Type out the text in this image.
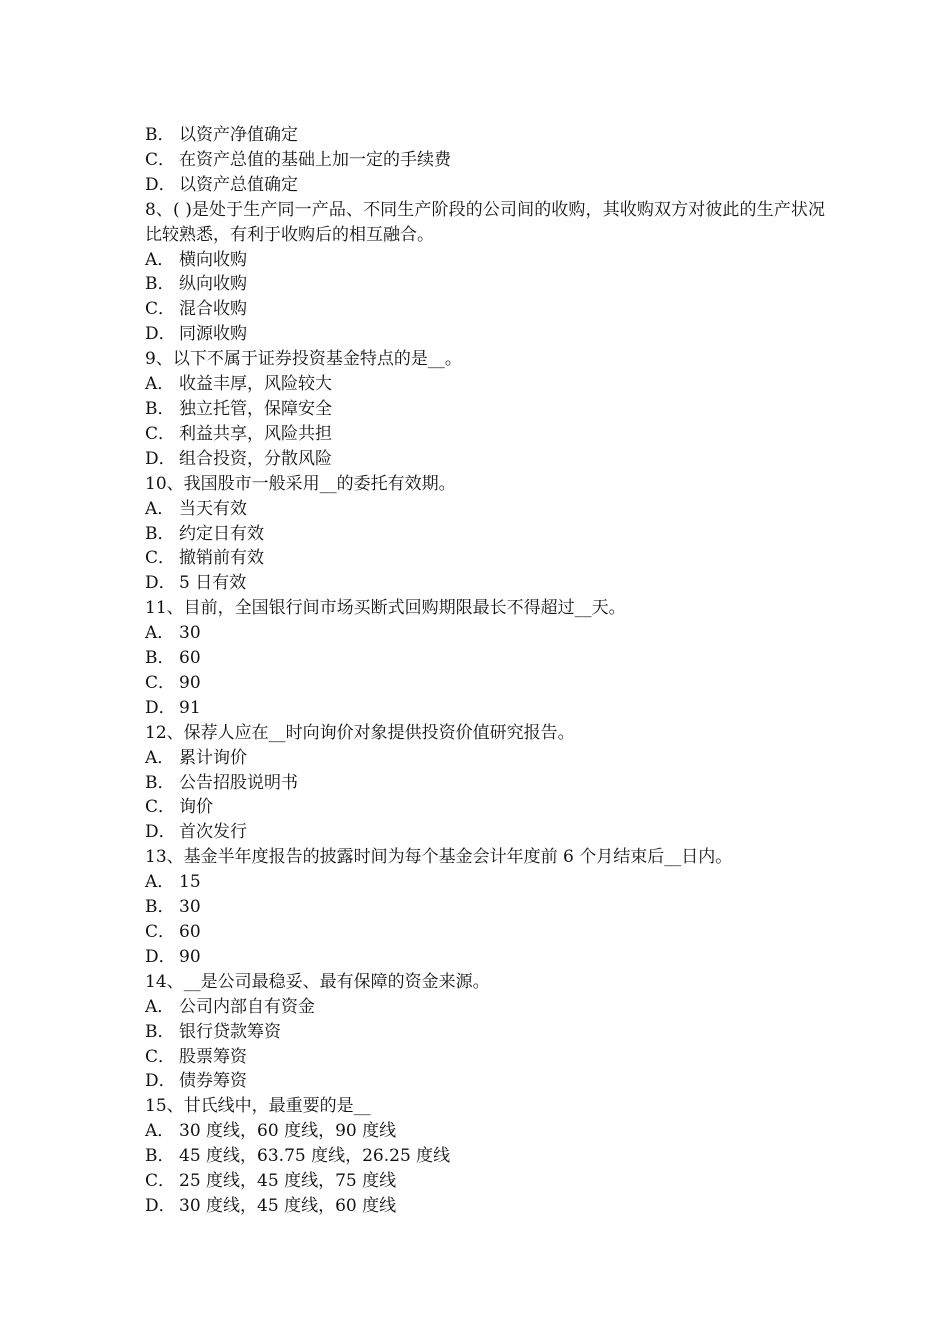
B． 以资产净值确定
C． 在资产总值的基础上加一定的手续费
D． 以资产总值确定
8、( )是处于生产同一产品、不同生产阶段的公司间的收购，其收购双方对彼此的生产状况比较熟悉，有利于收购后的相互融合。
A． 横向收购
B． 纵向收购
C． 混合收购
D． 同源收购
9、以下不属于证券投资基金特点的是__。
A． 收益丰厚，风险较大
B． 独立托管，保障安全
C． 利益共享，风险共担
D． 组合投资，分散风险
10、我国股市一般采用__的委托有效期。
A． 当天有效
B． 约定日有效
C． 撤销前有效
D． 5 日有效
11、目前，全国银行间市场买断式回购期限最长不得超过__天。
A． 30
B． 60
C． 90
D． 91
12、保荐人应在__时向询价对象提供投资价值研究报告。
A． 累计询价
B． 公告招股说明书
C． 询价
D． 首次发行
13、基金半年度报告的披露时间为每个基金会计年度前 6 个月结束后__日内。
A． 15
B． 30
C． 60
D． 90
14、__是公司最稳妥、最有保障的资金来源。
A． 公司内部自有资金
B． 银行贷款筹资
C． 股票筹资
D． 债券筹资
15、甘氏线中，最重要的是__
A． 30 度线，60 度线，90 度线
B． 45 度线，63.75 度线，26.25 度线
C． 25 度线，45 度线，75 度线
D． 30 度线，45 度线，60 度线
